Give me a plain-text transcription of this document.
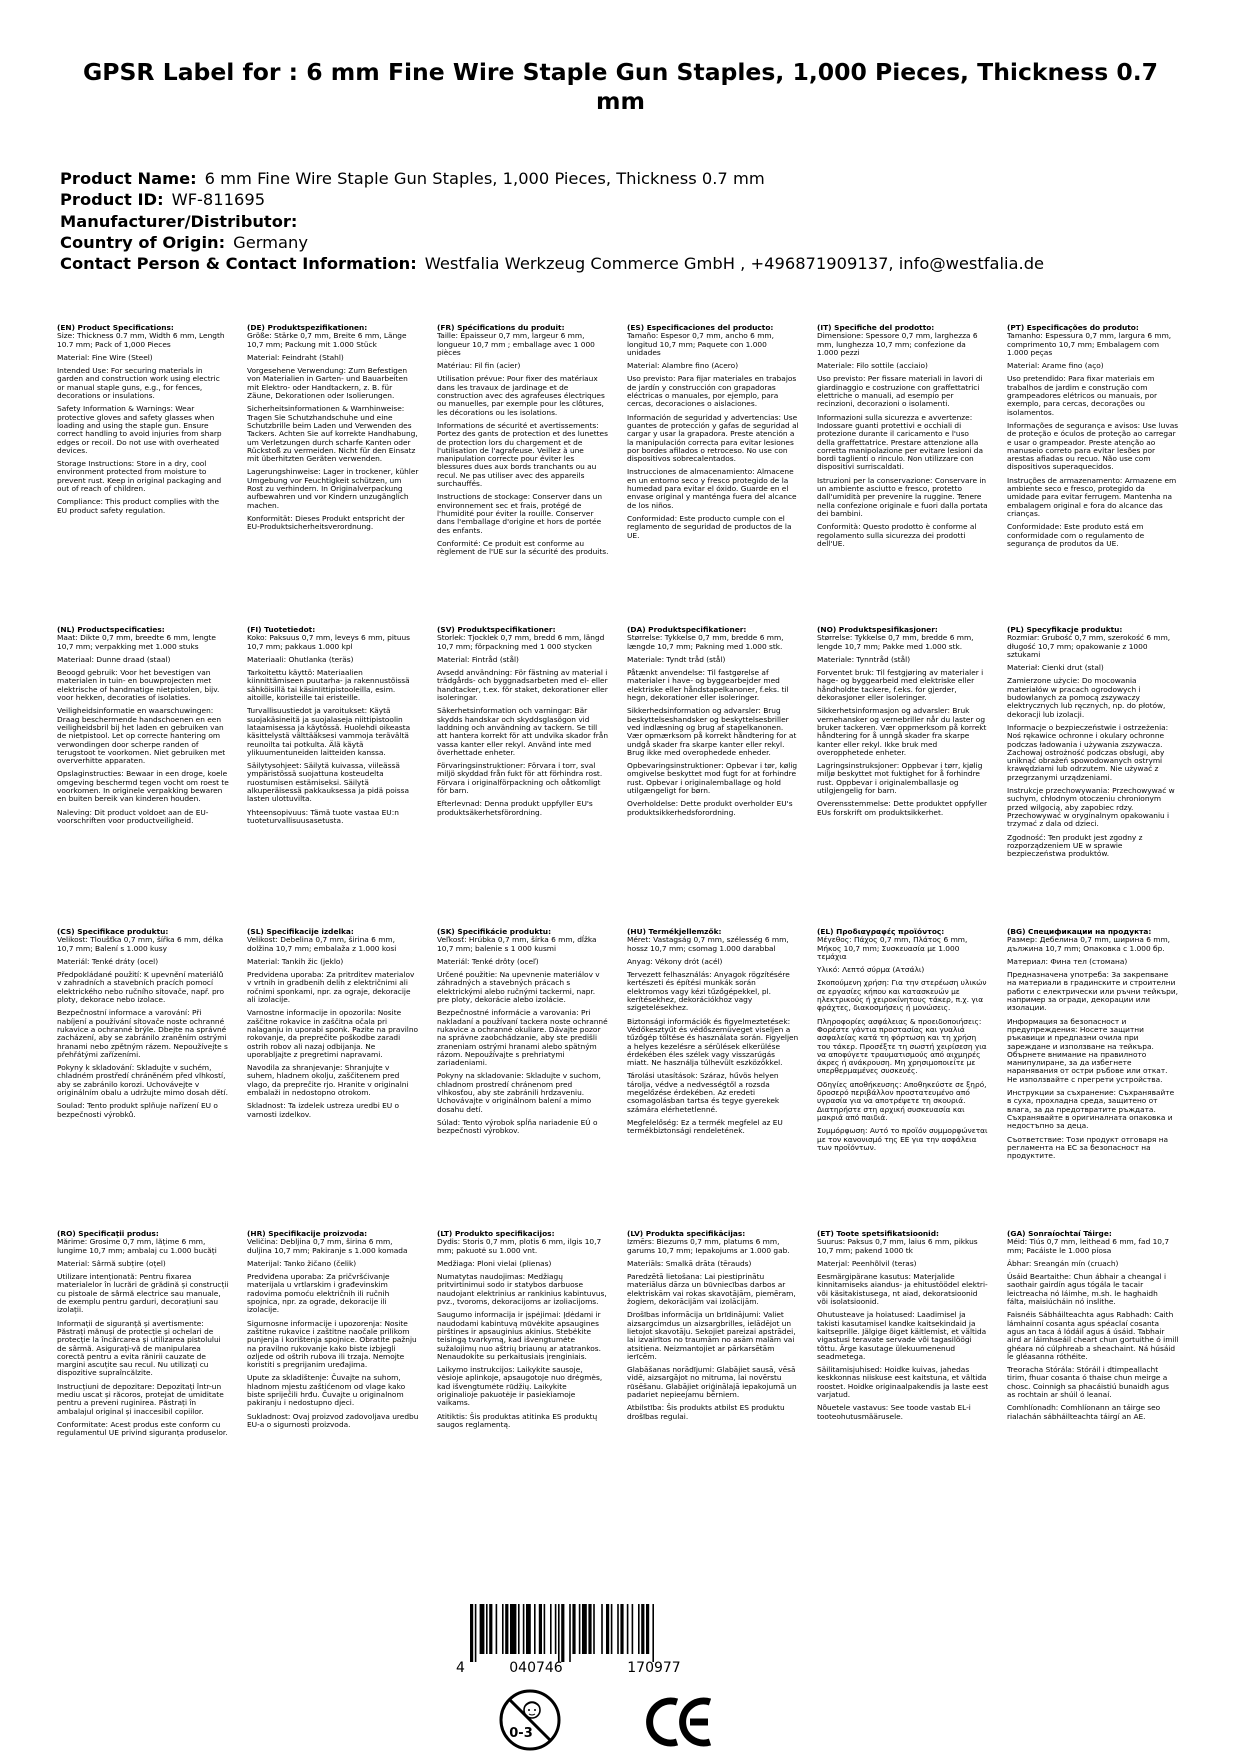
GPSR Label for : 6 mm Fine Wire Staple Gun Staples, 1,000 Pieces, Thickness 0.7 mm
Product Name: 6 mm Fine Wire Staple Gun Staples, 1,000 Pieces, Thickness 0.7 mm
Product ID: WF-811695
Manufacturer/Distributor:
Country of Origin: Germany
Contact Person & Contact Information: Westfalia Werkzeug Commerce GmbH , +496871909137, info@westfalia.de
(EN) Product Specifications:

Size: Thickness 0.7 mm, Width 6 mm, Length 10.7 mm; Pack of 1,000 Pieces

Material: Fine Wire (Steel)

Intended Use: For securing materials in garden and construction work using electric or manual staple guns, e.g., for fences, decorations or insulations.

Safety Information & Warnings: Wear protective gloves and safety glasses when loading and using the staple gun. Ensure correct handling to avoid injuries from sharp edges or recoil. Do not use with overheated devices.

Storage Instructions: Store in a dry, cool environment protected from moisture to prevent rust. Keep in original packaging and out of reach of children.

Compliance: This product complies with the EU product safety regulation.

(DE) Produktspezifikationen:

Größe: Stärke 0,7 mm, Breite 6 mm, Länge 10,7 mm; Packung mit 1.000 Stück

Material: Feindraht (Stahl)

Vorgesehene Verwendung: Zum Befestigen von Materialien in Garten- und Bauarbeiten mit Elektro- oder Handtackern, z. B. für Zäune, Dekorationen oder Isolierungen.

Sicherheitsinformationen & Warnhinweise: Tragen Sie Schutzhandschuhe und eine Schutzbrille beim Laden und Verwenden des Tackers. Achten Sie auf korrekte Handhabung, um Verletzungen durch scharfe Kanten oder Rückstoß zu vermeiden. Nicht für den Einsatz mit überhitzten Geräten verwenden.

Lagerungshinweise: Lager in trockener, kühler Umgebung vor Feuchtigkeit schützen, um Rost zu verhindern. In Originalverpackung aufbewahren und vor Kindern unzugänglich machen.

Konformität: Dieses Produkt entspricht der EU-Produktsicherheitsverordnung.

(FR) Spécifications du produit:

Taille: Épaisseur 0,7 mm, largeur 6 mm, longueur 10,7 mm ; emballage avec 1 000 pièces

Matériau: Fil fin (acier)

Utilisation prévue: Pour fixer des matériaux dans les travaux de jardinage et de construction avec des agrafeuses électriques ou manuelles, par exemple pour les clôtures, les décorations ou les isolations.

Informations de sécurité et avertissements: Portez des gants de protection et des lunettes de protection lors du chargement et de l'utilisation de l'agrafeuse. Veillez à une manipulation correcte pour éviter les blessures dues aux bords tranchants ou au recul. Ne pas utiliser avec des appareils surchauffés.

Instructions de stockage: Conserver dans un environnement sec et frais, protégé de l'humidité pour éviter la rouille. Conserver dans l'emballage d'origine et hors de portée des enfants.

Conformité: Ce produit est conforme au règlement de l'UE sur la sécurité des produits.

(ES) Especificaciones del producto:

Tamaño: Espesor 0,7 mm, ancho 6 mm, longitud 10,7 mm; Paquete con 1.000 unidades

Material: Alambre fino (Acero)

Uso previsto: Para fijar materiales en trabajos de jardín y construcción con grapadoras eléctricas o manuales, por ejemplo, para cercas, decoraciones o aislaciones.

Información de seguridad y advertencias: Use guantes de protección y gafas de seguridad al cargar y usar la grapadora. Preste atención a la manipulación correcta para evitar lesiones por bordes afilados o retroceso. No use con dispositivos sobrecalentados.

Instrucciones de almacenamiento: Almacene en un entorno seco y fresco protegido de la humedad para evitar el óxido. Guarde en el envase original y manténga fuera del alcance de los niños.

Conformidad: Este producto cumple con el reglamento de seguridad de productos de la UE.

(IT) Specifiche del prodotto:

Dimensione: Spessore 0,7 mm, larghezza 6 mm, lunghezza 10,7 mm; confezione da 1.000 pezzi

Materiale: Filo sottile (acciaio)

Uso previsto: Per fissare materiali in lavori di giardinaggio e costruzione con graffettatrici elettriche o manuali, ad esempio per recinzioni, decorazioni o isolamenti.

Informazioni sulla sicurezza e avvertenze: Indossare guanti protettivi e occhiali di protezione durante il caricamento e l'uso della graffettatrice. Prestare attenzione alla corretta manipolazione per evitare lesioni da bordi taglienti o rinculo. Non utilizzare con dispositivi surriscaldati.

Istruzioni per la conservazione: Conservare in un ambiente asciutto e fresco, protetto dall'umidità per prevenire la ruggine. Tenere nella confezione originale e fuori dalla portata dei bambini.

Conformità: Questo prodotto è conforme al regolamento sulla sicurezza dei prodotti dell'UE.

(PT) Especificações do produto:

Tamanho: Espessura 0,7 mm, largura 6 mm, comprimento 10,7 mm; Embalagem com 1.000 peças

Material: Arame fino (aço)

Uso pretendido: Para fixar materiais em trabalhos de jardim e construção com grampeadores elétricos ou manuais, por exemplo, para cercas, decorações ou isolamentos.

Informações de segurança e avisos: Use luvas de proteção e óculos de proteção ao carregar e usar o grampeador. Preste atenção ao manuseio correto para evitar lesões por arestas afiadas ou recuo. Não use com dispositivos superaquecidos.

Instruções de armazenamento: Armazene em ambiente seco e fresco, protegido da umidade para evitar ferrugem. Mantenha na embalagem original e fora do alcance das crianças.

Conformidade: Este produto está em conformidade com o regulamento de segurança de produtos da UE.

(NL) Productspecificaties:

Maat: Dikte 0,7 mm, breedte 6 mm, lengte 10,7 mm; verpakking met 1.000 stuks

Materiaal: Dunne draad (staal)

Beoogd gebruik: Voor het bevestigen van materialen in tuin- en bouwprojecten met elektrische of handmatige nietpistolen, bijv. voor hekken, decoraties of isolaties.

Veiligheidsinformatie en waarschuwingen: Draag beschermende handschoenen en een veiligheidsbril bij het laden en gebruiken van de nietpistool. Let op correcte hantering om verwondingen door scherpe randen of terugstoot te voorkomen. Niet gebruiken met oververhitte apparaten.

Opslaginstructies: Bewaar in een droge, koele omgeving beschermd tegen vocht om roest te voorkomen. In originele verpakking bewaren en buiten bereik van kinderen houden.

Naleving: Dit product voldoet aan de EU-voorschriften voor productveiligheid.

(FI) Tuotetiedot:

Koko: Paksuus 0,7 mm, leveys 6 mm, pituus 10,7 mm; pakkaus 1.000 kpl

Materiaali: Ohutlanka (teräs)

Tarkoitettu käyttö: Materiaalien kiinnittämiseen puutarha- ja rakennustöissä sähköisillä tai käsinIittipistooleilla, esim. aitoille, koristeille tai eristeille.

Turvallisuustiedot ja varoitukset: Käytä suojakäsineitä ja suojalaseja niittipistoolin lataamisessa ja käytössä. Huolehdi oikeasta käsittelystä välttääksesi vammoja terävältä reunoilta tai potkulta. Älä käytä ylikuumentuneiden laitteiden kanssa.

Säilytysohjeet: Säilytä kuivassa, viileässä ympäristössä suojattuna kosteudelta ruostumisen estämiseksi. Säilytä alkuperäisessä pakkauksessa ja pidä poissa lasten ulottuvilta.

Yhteensopivuus: Tämä tuote vastaa EU:n tuoteturvallisuusasetusta.

(SV) Produktspecifikationer:

Storlek: Tjocklek 0,7 mm, bredd 6 mm, längd 10,7 mm; förpackning med 1 000 stycken

Material: Fintråd (stål)

Avsedd användning: För fästning av material i trädgårds- och byggnadsarbeten med el- eller handtacker, t.ex. för staket, dekorationer eller isoleringar.

Säkerhetsinformation och varningar: Bär skydds handskar och skyddsglasögon vid laddning och användning av tackern. Se till att hantera korrekt för att undvika skador från vassa kanter eller rekyl. Använd inte med överhettade enheter.

Förvaringsinstruktioner: Förvara i torr, sval miljö skyddad från fukt för att förhindra rost. Förvara i originalförpackning och oåtkomligt för barn.

Efterlevnad: Denna produkt uppfyller EU's produktsäkerhetsförordning.

(DA) Produktspecifikationer:

Størrelse: Tykkelse 0,7 mm, bredde 6 mm, længde 10,7 mm; Pakning med 1.000 stk.

Materiale: Tyndt tråd (stål)

Påtænkt anvendelse: Til fastgørelse af materialer i have- og byggearbejder med elektriske eller håndstapelkanoner, f.eks. til hegn, dekorationer eller isoleringer.

Sikkerhedsinformation og advarsler: Brug beskyttelseshandsker og beskyttelsesbriller ved indlæsning og brug af stapelkanonen. Vær opmærksom på korrekt håndtering for at undgå skader fra skarpe kanter eller rekyl. Brug ikke med overophedede enheder.

Opbevaringsinstruktioner: Opbevar i tør, kølig omgivelse beskyttet mod fugt for at forhindre rust. Opbevar i originalemballage og hold utilgængeligt for børn.

Overholdelse: Dette produkt overholder EU's produktsikkerhedsforordning.

(NO) Produktspesifikasjoner:

Størrelse: Tykkelse 0,7 mm, bredde 6 mm, lengde 10,7 mm; Pakke med 1.000 stk.

Materiale: Tynntråd (stål)

Forventet bruk: Til festgjøring av materialer i hage- og byggearbeid med elektriske eller håndholdte tackere, f.eks. for gjerder, dekorasjoner eller isoleringer.

Sikkerhetsinformasjon og advarsler: Bruk vernehansker og vernebriller når du laster og bruker tackeren. Vær oppmerksom på korrekt håndtering for å unngå skader fra skarpe kanter eller rekyl. Ikke bruk med overopphetede enheter.

Lagringsinstruksjoner: Oppbevar i tørr, kjølig miljø beskyttet mot fuktighet for å forhindre rust. Oppbevar i originalemballasje og utilgjengelig for barn.

Overensstemmelse: Dette produktet oppfyller EUs forskrift om produktsikkerhet.

(PL) Specyfikacje produktu:

Rozmiar: Grubość 0,7 mm, szerokość 6 mm, długość 10,7 mm; opakowanie z 1000 sztukami

Materiał: Cienki drut (stal)

Zamierzone użycie: Do mocowania materiałów w pracach ogrodowych i budowlanych za pomocą zszywaczy elektrycznych lub ręcznych, np. do płotów, dekoracji lub izolacji.

Informacje o bezpieczeństwie i ostrzeżenia: Noś rękawice ochronne i okulary ochronne podczas ładowania i używania zszywacza. Zachowaj ostrożność podczas obsługi, aby uniknąć obrażeń spowodowanych ostrymi krawędziami lub odrzutem. Nie używać z przegrzanymi urządzeniami.

Instrukcje przechowywania: Przechowywać w suchym, chłodnym otoczeniu chronionym przed wilgocią, aby zapobiec rdzy. Przechowywać w oryginalnym opakowaniu i trzymać z dala od dzieci.

Zgodność: Ten produkt jest zgodny z rozporządzeniem UE w sprawie bezpieczeństwa produktów.

(CS) Specifikace produktu:

Velikost: Tloušťka 0,7 mm, šířka 6 mm, délka 10,7 mm; Balení s 1.000 kusy

Materiál: Tenké dráty (ocel)

Předpokládané použití: K upevnění materiálů v zahradních a stavebních pracích pomocí elektrického nebo ručního sítovače, např. pro ploty, dekorace nebo izolace.

Bezpečnostní informace a varování: Při nabíjení a používání sítovače noste ochranné rukavice a ochranné brýle. Dbejte na správné zacházení, aby se zabránilo zraněním ostrými hranami nebo zpětným rázem. Nepoužívejte s přehřátými zařízeními.

Pokyny k skladování: Skladujte v suchém, chladném prostředí chráněném před vlhkostí, aby se zabránilo korozi. Uchovávejte v originálním obalu a udržujte mimo dosah dětí.

Soulad: Tento produkt splňuje nařízení EU o bezpečnosti výrobků.

(SL) Specifikacije izdelka:

Velikost: Debelina 0,7 mm, širina 6 mm, dolžina 10,7 mm; embalaža z 1.000 kosi

Material: Tankih žic (jeklo)

Predvidena uporaba: Za pritrditev materialov v vrtnih in gradbenih delih z električnimi ali ročnimi sponkami, npr. za ograje, dekoracije ali izolacije.

Varnostne informacije in opozorila: Nosite zaščitne rokavice in zaščitna očala pri nalaganju in uporabi sponk. Pazite na pravilno rokovanje, da preprečite poškodbe zaradi ostrih robov ali nazaj odbijanja. Ne uporabljajte z pregretimi napravami.

Navodila za shranjevanje: Shranjujte v suhem, hladnem okolju, zaščitenem pred vlago, da preprečite rjo. Hranite v originalni embalaži in nedostopno otrokom.

Skladnost: Ta izdelek ustreza uredbi EU o varnosti izdelkov.

(SK) Špecifikácie produktu:

Veľkosť: Hrúbka 0,7 mm, šírka 6 mm, dĺžka 10,7 mm; balenie s 1 000 kusmi

Materiál: Tenké drôty (oceľ)

Určené použitie: Na upevnenie materiálov v záhradných a stavebných prácach s elektrickými alebo ručnými tackermi, napr. pre ploty, dekorácie alebo izolácie.

Bezpečnostné informácie a varovania: Pri nakladaní a používaní tackera noste ochranné rukavice a ochranné okuliare. Dávajte pozor na správne zaobchádzanie, aby ste predišli zraneniam ostrými hranami alebo spätným rázom. Nepoužívajte s prehriatymi zariadeniami.

Pokyny na skladovanie: Skladujte v suchom, chladnom prostredí chránenom pred vlhkosťou, aby ste zabránili hrdzaveniu. Uchovávajte v originálnom balení a mimo dosahu detí.

Súlad: Tento výrobok spĺňa nariadenie EÚ o bezpečnosti výrobkov.

(HU) Termékjellemzők:

Méret: Vastagság 0,7 mm, szélesség 6 mm, hossz 10,7 mm; csomag 1.000 darabbal

Anyag: Vékony drót (acél)

Tervezett felhasználás: Anyagok rögzítésére kertészeti és építési munkák során elektromos vagy kézi tűzőgépekkel, pl. kerítésekhez, dekorációkhoz vagy szigetelésekhez.

Biztonsági információk és figyelmeztetések: Védőkesztyűt és védőszemüveget viseljen a tűzőgép töltése és használata során. Figyeljen a helyes kezelésre a sérülések elkerülése érdekében éles szélek vagy visszarúgás miatt. Ne használja túlhevült eszközökkel.

Tárolási utasítások: Száraz, hűvös helyen tárolja, védve a nedvességtől a rozsda megelőzése érdekében. Az eredeti csomagolásban tartsa és tegye gyerekek számára elérhetetlenné.

Megfelelőség: Ez a termék megfelel az EU termékbiztonsági rendeletének.

(EL) Προδιαγραφές προϊόντος:

Μέγεθος: Πάχος 0,7 mm, Πλάτος 6 mm, Μήκος 10,7 mm; Συσκευασία με 1.000 τεμάχια

Υλικό: Λεπτό σύρμα (Ατσάλι)

Σκοπούμενη χρήση: Για την στερέωση υλικών σε εργασίες κήπου και κατασκευών με ηλεκτρικούς ή χειροκίνητους τάκερ, π.χ. για φράχτες, διακοσμήσεις ή μονώσεις.

Πληροφορίες ασφάλειας & προειδοποιήσεις: Φορέστε γάντια προστασίας και γυαλιά ασφαλείας κατά τη φόρτωση και τη χρήση του τάκερ. Προσέξτε τη σωστή χειρίσεση για να αποφύγετε τραυματισμούς από αιχμηρές άκρες ή ανάκρουση. Μη χρησιμοποιείτε με υπερθερμαμένες συσκευές.

Οδηγίες αποθήκευσης: Αποθηκεύστε σε ξηρό, δροσερό περιβάλλον προστατευμένο από υγρασία για να αποτρέψετε τη σκουριά. Διατηρήστε στη αρχική συσκευασία και μακριά από παιδιά.

Συμμόρφωση: Αυτό το προϊόν συμμορφώνεται με τον κανονισμό της ΕΕ για την ασφάλεια των προϊόντων.

(BG) Спецификации на продукта:

Размер: Дебелина 0,7 mm, ширина 6 mm, дължина 10,7 mm; Опаковка с 1.000 бр.

Материал: Фина тел (стомана)

Предназначена употреба: За закрепване на материали в градинските и строителни работи с електрически или ръчни тейкъри, например за огради, декорации или изолации.

Информация за безопасност и предупреждения: Носете защитни ръкавици и предпазни очила при зареждане и използване на тейкъра. Обърнете внимание на правилното манипулиране, за да избегнете наранявания от остри ръбове или откат. Не използвайте с прегрети устройства.

Инструкции за съхранение: Съхранявайте в суха, прохладна среда, защитено от влага, за да предотвратите ръждата. Съхранявайте в оригиналната опаковка и недостъпно за деца.

Съответствие: Този продукт отговаря на регламента на ЕС за безопасност на продуктите.

(RO) Specificații produs:

Mărime: Grosime 0,7 mm, lățime 6 mm, lungime 10,7 mm; ambalaj cu 1.000 bucăți

Material: Sârmă subțire (oțel)

Utilizare intenționată: Pentru fixarea materialelor în lucrări de grădină și construcții cu pistoale de sârmă electrice sau manuale, de exemplu pentru garduri, decorațiuni sau izolații.

Informații de siguranță și avertismente: Păstrați mănuși de protecție și ochelari de protecție la încărcarea și utilizarea pistolului de sârmă. Asigurați-vă de manipularea corectă pentru a evita rănirii cauzate de margini ascuțite sau recul. Nu utilizați cu dispozitive supraîncălzite.

Instrucțiuni de depozitare: Depozitați într-un mediu uscat și răcoros, protejat de umiditate pentru a preveni ruginirea. Păstrați în ambalajul original și inaccesibil copiilor.

Conformitate: Acest produs este conform cu regulamentul UE privind siguranța produselor.

(HR) Specifikacije proizvoda:

Veličina: Debljina 0,7 mm, širina 6 mm, duljina 10,7 mm; Pakiranje s 1.000 komada

Materijal: Tanko žičano (čelik)

Predviđena uporaba: Za pričvršćivanje materijala u vrtlarskim i građevinskim radovima pomoću električnih ili ručnih spojnica, npr. za ograde, dekoracije ili izolacije.

Sigurnosne informacije i upozorenja: Nosite zaštitne rukavice i zaštitne naočale prilikom punjenja i korištenja spojnice. Obratite pažnju na pravilno rukovanje kako biste izbjegli ozljede od oštrih rubova ili trzaja. Nemojte koristiti s pregrijanim uređajima.

Upute za skladištenje: Čuvajte na suhom, hladnom mjestu zaštićenom od vlage kako biste spriječili hrđu. Čuvajte u originalnom pakiranju i nedostupno djeci.

Sukladnost: Ovaj proizvod zadovoljava uredbu EU-a o sigurnosti proizvoda.

(LT) Produkto specifikacijos:

Dydis: Storis 0,7 mm, plotis 6 mm, ilgis 10,7 mm; pakuotė su 1.000 vnt.

Medžiaga: Ploni vielai (plienas)

Numatytas naudojimas: Medžiagų pritvirtinimui sodo ir statybos darbuose naudojant elektrinius ar rankinius kabintuvus, pvz., tvoroms, dekoracijoms ar izoliacijoms.

Saugumo informacija ir įspėjimai: Įdėdami ir naudodami kabintuvą mūvėkite apsaugines pirštines ir apsauginius akinius. Stebėkite teisingą tvarkymą, kad išvengtumėte sužalojimų nuo aštrių briaunų ar atatrankos. Nenaudokite su perkaitusiais įrenginiais.

Laikymo instrukcijos: Laikykite sausoje, vėsioje aplinkoje, apsaugotoje nuo drėgmės, kad išvengtumėte rūdžių. Laikykite originalioje pakuotėje ir pasiekiamoje vaikams.

Atitiktis: Šis produktas atitinka ES produktų saugos reglamentą.

(LV) Produkta specifikācijas:

Izmērs: Biezums 0,7 mm, platums 6 mm, garums 10,7 mm; Iepakojums ar 1.000 gab.

Materiāls: Smalkā drāta (tērauds)

Paredzētā lietošana: Lai piestiprinātu materiālus dārza un būvniecības darbos ar elektriskām vai rokas skavotājām, piemēram, žogiem, dekorācijām vai izolācijām.

Drošības informācija un brīdinājumi: Valiet aizsargcimdus un aizsargbrilles, ielādējot un lietojot skavotāju. Sekojiet pareizai apstrādei, lai izvairītos no traumām no asām malām vai atsitiena. Neizmantojiet ar pārkarsētām ierīcēm.

Glabāšanas norādījumi: Glabājiet sausā, vēsā vidē, aizsargājot no mitruma, lai novērstu rūsēšanu. Glabājiet oriģinālajā iepakojumā un padariet nepieejamu bērniem.

Atbilstība: Šis produkts atbilst ES produktu drošības regulai.

(ET) Toote spetsifikatsioonid:

Suurus: Paksus 0,7 mm, laius 6 mm, pikkus 10,7 mm; pakend 1000 tk

Materjal: Peenhõlvil (teras)

Eesmärgipärane kasutus: Materjalide kinnitamiseks aiandus- ja ehitustöödel elektri- või käsitakistusega, nt aiad, dekoratsioonid või isolatsioonid.

Ohutusteave ja hoiatused: Laadimisel ja takisti kasutamisel kandke kaitsekindaid ja kaitseprille. Jälgige õiget käitlemist, et vältida vigastusi teravate servade või tagasilöögi tõttu. Ärge kasutage ülekuumenenud seadmetega.

Säilitamisjuhised: Hoidke kuivas, jahedas keskkonnas niiskuse eest kaitstuna, et vältida roostet. Hoidke originaalpakendis ja laste eest varjatud.

Nõuetele vastavus: See toode vastab EL-i tooteohutusmäärusele.

(GA) Sonraíochtaí Táirge:

Méid: Tiús 0,7 mm, leithead 6 mm, fad 10,7 mm; Pacáiste le 1.000 píosa

Ábhar: Sreangán mín (cruach)

Úsáid Beartaithe: Chun ábhair a cheangal i saothair gairdín agus tógála le tacair leictreacha nó láimhe, m.sh. le haghaidh fálta, maisiúcháin nó inslithe.

Faisnéis Sábháilteachta agus Rabhadh: Caith lámhainní cosanta agus spéaclaí cosanta agus an taca á lódáil agus á úsáid. Tabhair aird ar láimhseáil cheart chun gortuithe ó imill ghéara nó cúlphreab a sheachaint. Ná húsáid le gléasanna róthéite.

Treoracha Stórála: Stóráil i dtimpeallacht tirim, fhuar cosanta ó thaise chun meirge a chosc. Coinnigh sa phacáistiú bunaidh agus as rochtain ar shúil ó leanaí.

Comhlíonadh: Comhlíonann an táirge seo rialachán sábháilteachta táirgí an AE.

4	040746	170977
0-3
